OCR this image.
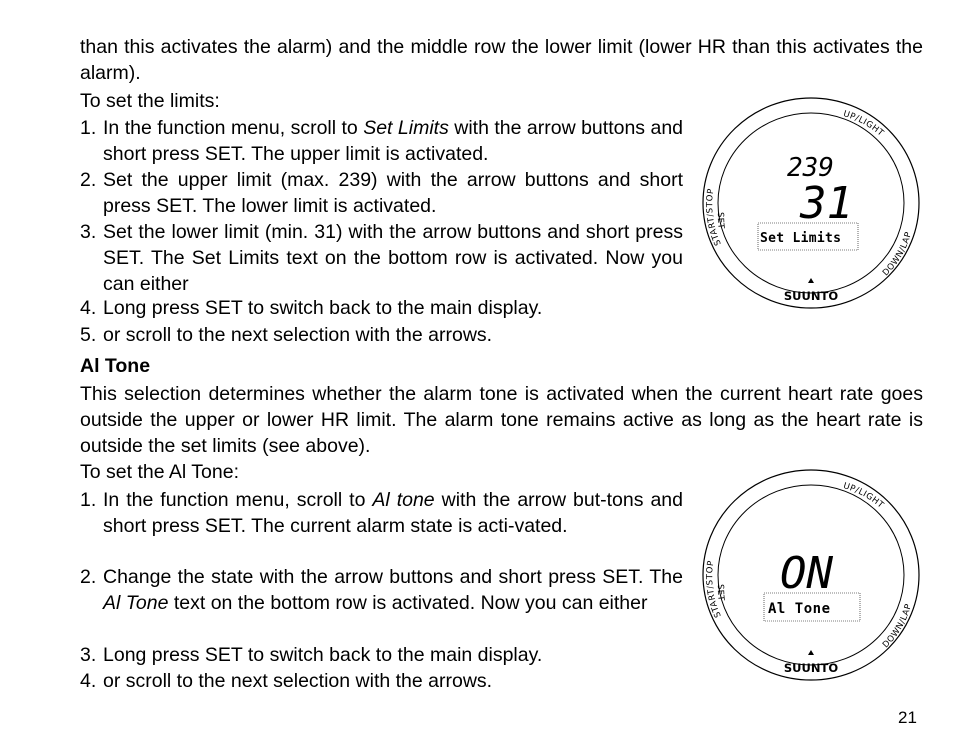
than this activates the alarm) and the middle row the lower limit (lower HR than this activates the alarm).

To set the limits:

1. In the function menu, scroll to Set Limits with the arrow buttons and short press SET. The upper limit is activated.
2. Set the upper limit (max. 239) with the arrow buttons and short press SET. The lower limit is activated.
3. Set the lower limit (min. 31) with the arrow buttons and short press SET. The Set Limits text on the bottom row is activated. Now you can either
4. Long press SET to switch back to the main display.
5. or scroll to the next selection with the arrows.

Al Tone

This selection determines whether the alarm tone is activated when the current heart rate goes outside the upper or lower HR limit. The alarm tone remains active as long as the heart rate is outside the set limits (see above).

To set the Al Tone:

1. In the function menu, scroll to Al tone with the arrow but-tons and short press SET. The current alarm state is acti-vated.
2. Change the state with the arrow buttons and short press SET. The Al Tone text on the bottom row is activated. Now you can either
3. Long press SET to switch back to the main display.
4. or scroll to the next selection with the arrows.
START/STOP
UP/LIGHT
SET
DOWN/LAP
239
31
Set Limits
SUUNTO
START/STOP
UP/LIGHT
SET
DOWN/LAP
ON
Al Tone
SUUNTO
21
